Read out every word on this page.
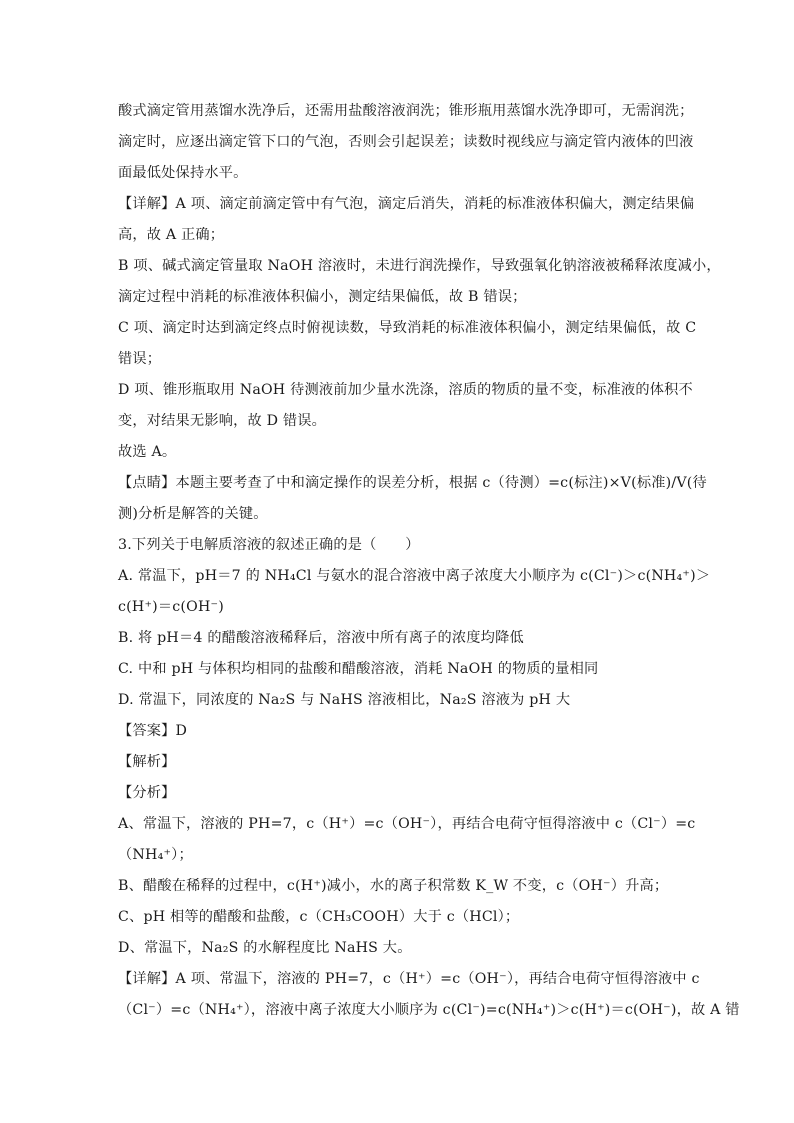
酸式滴定管用蒸馏水洗净后，还需用盐酸溶液润洗；锥形瓶用蒸馏水洗净即可，无需润洗；
滴定时，应逐出滴定管下口的气泡，否则会引起误差；读数时视线应与滴定管内液体的凹液
面最低处保持水平。
【详解】A 项、滴定前滴定管中有气泡，滴定后消失，消耗的标准液体积偏大，测定结果偏
高，故 A 正确；
B 项、碱式滴定管量取 NaOH 溶液时，未进行润洗操作，导致强氧化钠溶液被稀释浓度减小，
滴定过程中消耗的标准液体积偏小，测定结果偏低，故 B 错误；
C 项、滴定时达到滴定终点时俯视读数，导致消耗的标准液体积偏小，测定结果偏低，故 C
错误；
D 项、锥形瓶取用 NaOH 待测液前加少量水洗涤，溶质的物质的量不变，标准液的体积不
变，对结果无影响，故 D 错误。
故选 A。
【点睛】本题主要考查了中和滴定操作的误差分析，根据 c（待测）=c(标注)×V(标准)/V(待
测)分析是解答的关键。
3.下列关于电解质溶液的叙述正确的是（　　）
A. 常温下，pH＝7 的 NH₄Cl 与氨水的混合溶液中离子浓度大小顺序为 c(Cl⁻)＞c(NH₄⁺)＞
c(H⁺)＝c(OH⁻)
B. 将 pH＝4 的醋酸溶液稀释后，溶液中所有离子的浓度均降低
C. 中和 pH 与体积均相同的盐酸和醋酸溶液，消耗 NaOH 的物质的量相同
D. 常温下，同浓度的 Na₂S 与 NaHS 溶液相比，Na₂S 溶液为 pH 大
【答案】D
【解析】
【分析】
A、常温下，溶液的 PH=7，c（H⁺）=c（OH⁻），再结合电荷守恒得溶液中 c（Cl⁻）=c
（NH₄⁺）；
B、醋酸在稀释的过程中，c(H⁺)减小，水的离子积常数 K_W 不变，c（OH⁻）升高；
C、pH 相等的醋酸和盐酸，c（CH₃COOH）大于 c（HCl）；
D、常温下，Na₂S 的水解程度比 NaHS 大。
【详解】A 项、常温下，溶液的 PH=7，c（H⁺）=c（OH⁻），再结合电荷守恒得溶液中 c
（Cl⁻）=c（NH₄⁺），溶液中离子浓度大小顺序为 c(Cl⁻)=c(NH₄⁺)＞c(H⁺)＝c(OH⁻)，故 A 错
